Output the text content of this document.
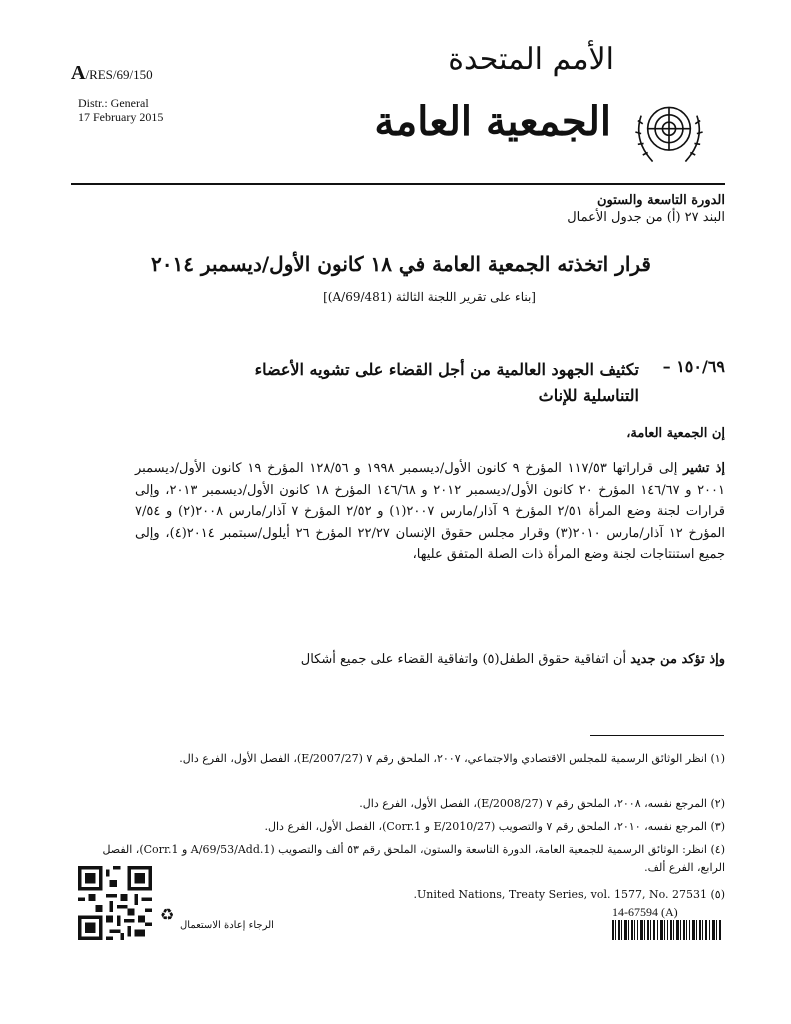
A/RES/69/150	الأمم المتحدة
Distr.: General
17 February 2015	الجمعية العامة
الدورة التاسعة والستون
البند ٢٧ (أ) من جدول الأعمال
قرار اتخذته الجمعية العامة في ١٨ كانون الأول/ديسمبر ٢٠١٤
[بناء على تقرير اللجنة الثالثة (A/69/481)]
١٥٠/٦٩ –
تكثيف الجهود العالمية من أجل القضاء على تشويه الأعضاء التناسلية للإناث
إن الجمعية العامة،
إذ تشير إلى قراراتها ١١٧/٥٣ المؤرخ ٩ كانون الأول/ديسمبر ١٩٩٨ و ١٢٨/٥٦ المؤرخ ١٩ كانون الأول/ديسمبر ٢٠٠١ و ١٤٦/٦٧ المؤرخ ٢٠ كانون الأول/ديسمبر ٢٠١٢ و ١٤٦/٦٨ المؤرخ ١٨ كانون الأول/ديسمبر ٢٠١٣، وإلى قرارات لجنة وضع المرأة ٢/٥١ المؤرخ ٩ آذار/مارس ٢٠٠٧(١) و ٢/٥٢ المؤرخ ٧ آذار/مارس ٢٠٠٨(٢) و ٧/٥٤ المؤرخ ١٢ آذار/مارس ٢٠١٠(٣) وقرار مجلس حقوق الإنسان ٢٢/٢٧ المؤرخ ٢٦ أيلول/سبتمبر ٢٠١٤(٤)، وإلى جميع استنتاجات لجنة وضع المرأة ذات الصلة المتفق عليها،
وإذ تؤكد من جديد أن اتفاقية حقوق الطفل(٥) واتفاقية القضاء على جميع أشكال
(١) انظر الوثائق الرسمية للمجلس الاقتصادي والاجتماعي، ٢٠٠٧، الملحق رقم ٧ (E/2007/27)، الفصل الأول، الفرع دال.
(٢) المرجع نفسه، ٢٠٠٨، الملحق رقم ٧ (E/2008/27)، الفصل الأول، الفرع دال.
(٣) المرجع نفسه، ٢٠١٠، الملحق رقم ٧ والتصويب (E/2010/27 و Corr.1)، الفصل الأول، الفرع دال.
(٤) انظر: الوثائق الرسمية للجمعية العامة، الدورة التاسعة والستون، الملحق رقم ٥٣ ألف والتصويب (A/69/53/Add.1 و Corr.1)، الفصل الرابع، الفرع ألف.
(٥) United Nations, Treaty Series, vol. 1577, No. 27531.
♻
الرجاء إعادة الاستعمال
14-67594 (A)
